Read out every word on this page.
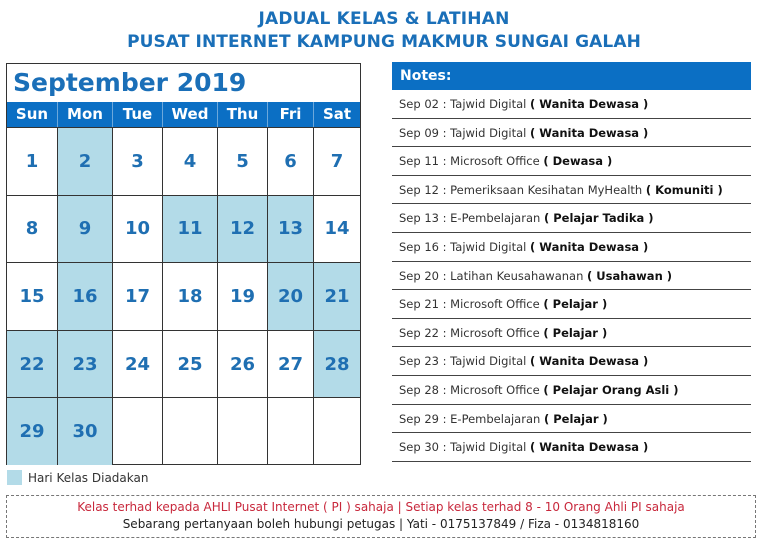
JADUAL KELAS & LATIHAN
PUSAT INTERNET KAMPUNG MAKMUR SUNGAI GALAH
September 2019
Sun	Mon	Tue	Wed	Thu	Fri	Sat
1	2	3	4	5	6	7
8	9	10	11	12	13	14
15	16	17	18	19	20	21
22	23	24	25	26	27	28
29	30
Hari Kelas Diadakan
Notes:
Sep 02 : Tajwid Digital ( Wanita Dewasa )
Sep 09 : Tajwid Digital ( Wanita Dewasa )
Sep 11 : Microsoft Office ( Dewasa )
Sep 12 : Pemeriksaan Kesihatan MyHealth ( Komuniti )
Sep 13 : E-Pembelajaran ( Pelajar Tadika )
Sep 16 : Tajwid Digital ( Wanita Dewasa )
Sep 20 : Latihan Keusahawanan ( Usahawan )
Sep 21 : Microsoft Office ( Pelajar )
Sep 22 : Microsoft Office ( Pelajar )
Sep 23 : Tajwid Digital ( Wanita Dewasa )
Sep 28 : Microsoft Office ( Pelajar Orang Asli )
Sep 29 : E-Pembelajaran ( Pelajar )
Sep 30 : Tajwid Digital ( Wanita Dewasa )
Kelas terhad kepada AHLI Pusat Internet ( PI ) sahaja | Setiap kelas terhad 8 - 10 Orang Ahli PI sahaja
Sebarang pertanyaan boleh hubungi petugas | Yati - 0175137849 / Fiza - 0134818160
